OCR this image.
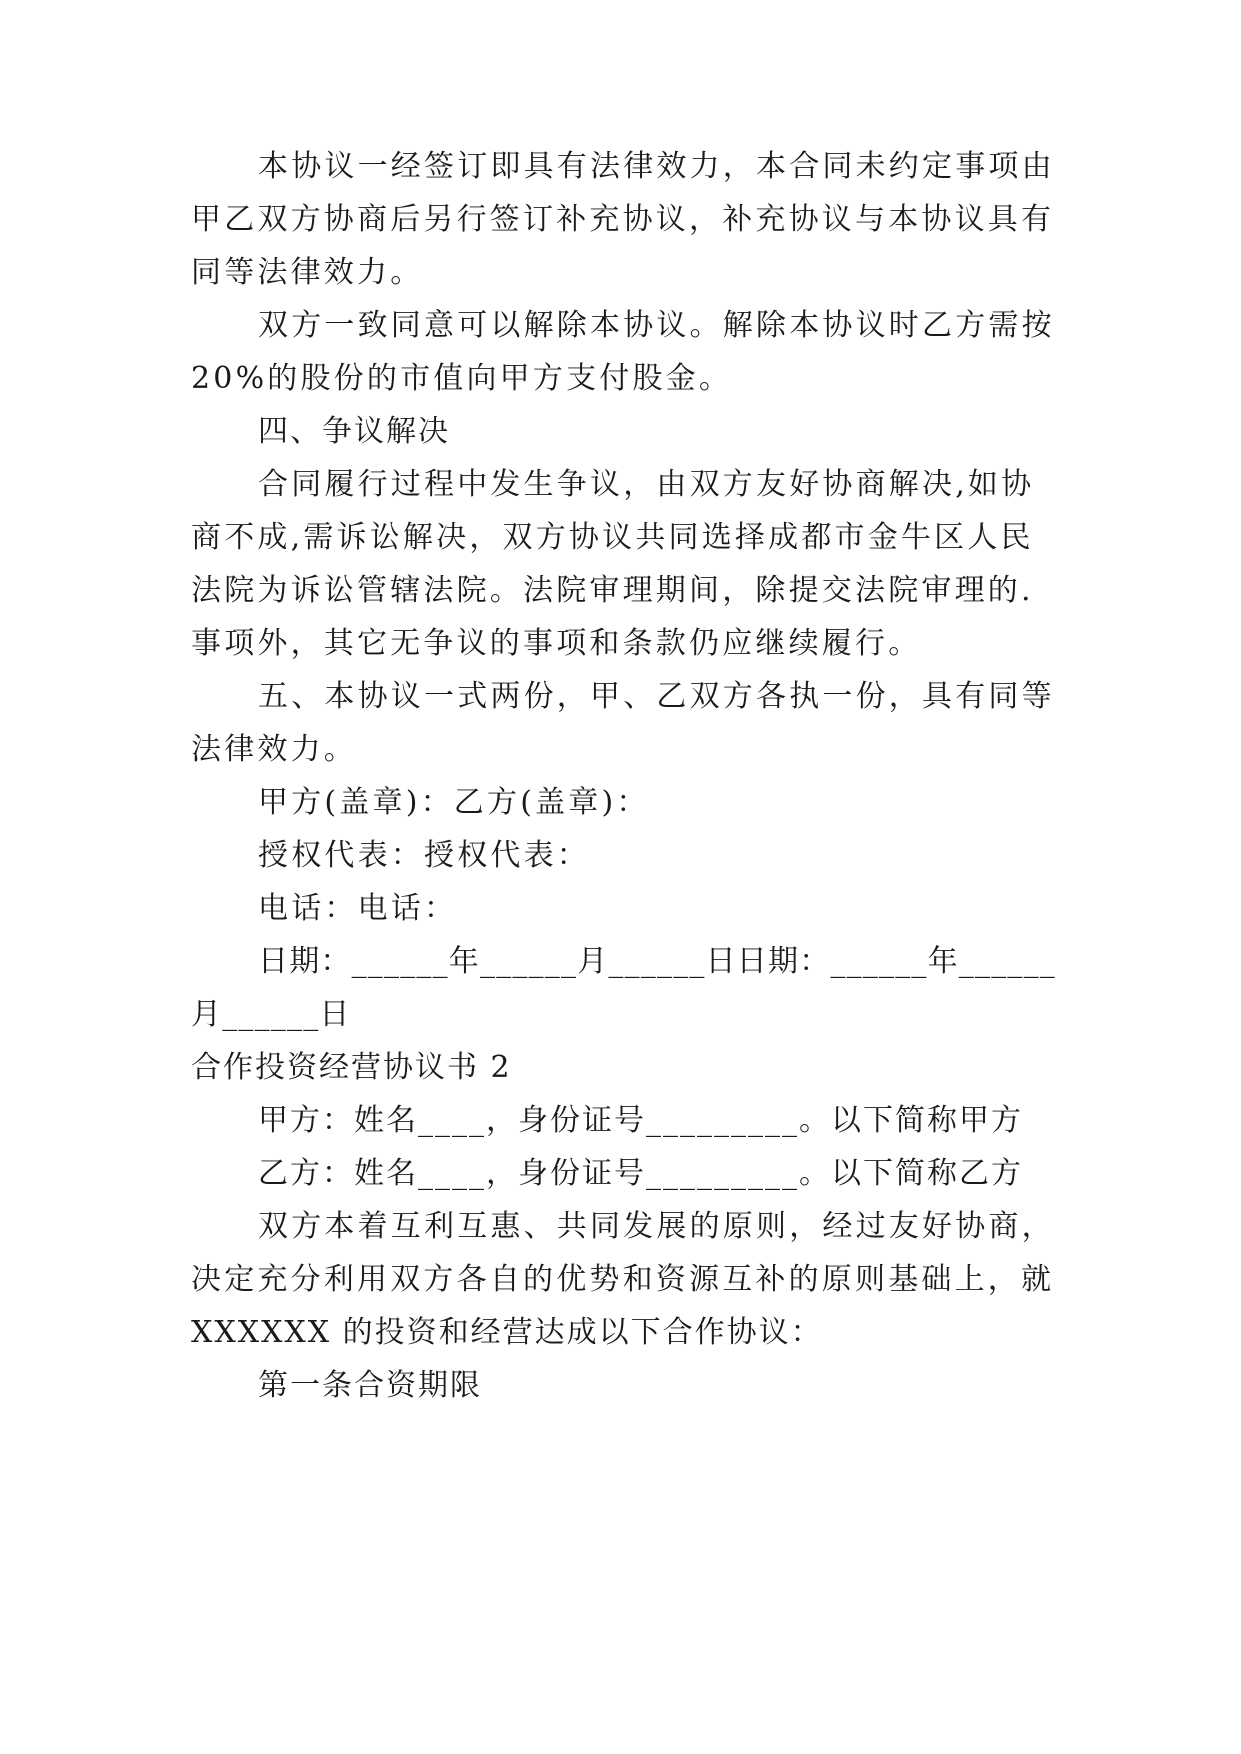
本协议一经签订即具有法律效力，本合同未约定事项由
甲乙双方协商后另行签订补充协议，补充协议与本协议具有
同等法律效力。
双方一致同意可以解除本协议。解除本协议时乙方需按
20%的股份的市值向甲方支付股金。
四、争议解决
合同履行过程中发生争议，由双方友好协商解决,如协
商不成,需诉讼解决，双方协议共同选择成都市金牛区人民
法院为诉讼管辖法院。法院审理期间，除提交法院审理的.
事项外，其它无争议的事项和条款仍应继续履行。
五、本协议一式两份，甲、乙双方各执一份，具有同等
法律效力。
甲方(盖章)：乙方(盖章)：
授权代表：授权代表：
电话：电话：
日期：______年______月______日日期：______年______
月______日
合作投资经营协议书 2
甲方：姓名____，身份证号_________。以下简称甲方
乙方：姓名____，身份证号_________。以下简称乙方
双方本着互利互惠、共同发展的原则，经过友好协商，
决定充分利用双方各自的优势和资源互补的原则基础上，就
XXXXXX 的投资和经营达成以下合作协议：
第一条合资期限
